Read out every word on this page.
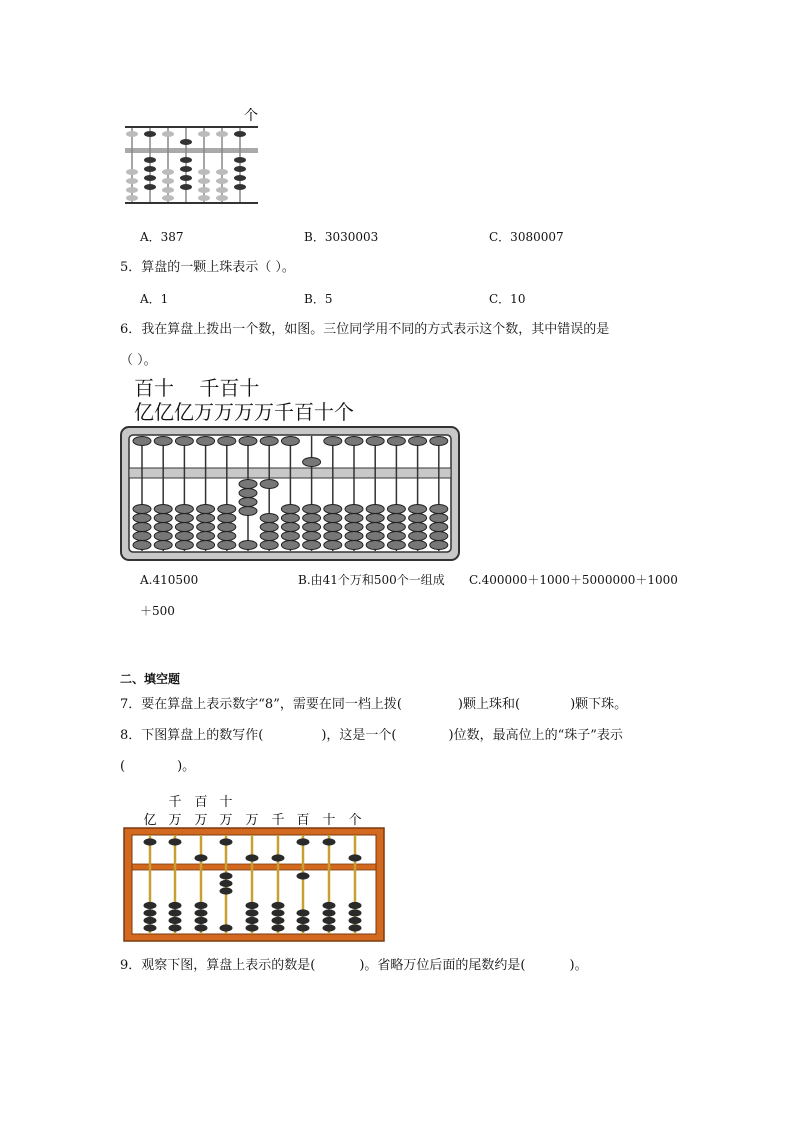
个
A．387	B．3030003	C．3080007
5．算盘的一颗上珠表示（ ）。
A．1	B．5	C．10
6．我在算盘上拨出一个数，如图。三位同学用不同的方式表示这个数，其中错误的是
（ ）。
百十    千百十
亿亿亿万万万万千百十个
A.410500	B.由41个万和500个一组成 C.400000＋1000＋5000000＋1000
＋500
二、填空题
7．要在算盘上表示数字“8”，需要在同一档上拨(	)颗上珠和(	)颗下珠。
8．下图算盘上的数写作(	)，这是一个(	)位数，最高位上的“珠子”表示
(	)。
亿
千
万
百
万
十
万 万 千 百 十 个
9．观察下图，算盘上表示的数是(	)。省略万位后面的尾数约是(	)。
